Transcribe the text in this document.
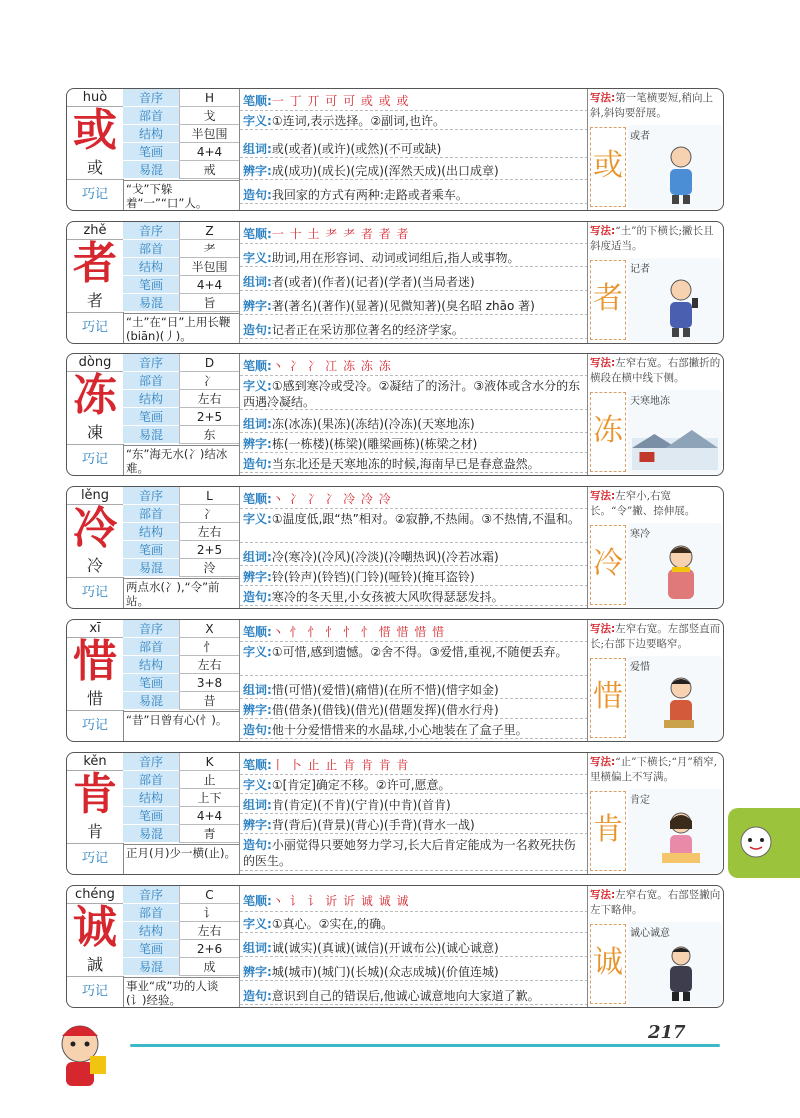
huò
或
或
巧记
音序	H
部首	戈
结构	半包围
笔画	4+4
易混	戒
“戈”下躲着“一”“口”人。
笔顺:一 丁 丌 可 可 或 或 或
字义:①连词,表示选择。②副词,也许。
组词:或(或者)(或许)(或然)(不可或缺)
辨字:成(成功)(成长)(完成)(浑然天成)(出口成章)
造句:我回家的方式有两种:走路或者乘车。
写法:第一笔横要短,稍向上斜,斜钩要舒展。
或
或者
zhě
者
者
巧记
音序	Z
部首	耂
结构	半包围
笔画	4+4
易混	旨
“土”在“日”上用长鞭(biān)(丿)。
笔顺:一 十 土 耂 耂 者 者 者
字义:助词,用在形容词、动词或词组后,指人或事物。
组词:者(或者)(作者)(记者)(学者)(当局者迷)
辨字:著(著名)(著作)(显著)(见微知著)(臭名昭 zhāo 著)
造句:记者正在采访那位著名的经济学家。
写法:“土”的下横长;撇长且斜度适当。
者
记者
dòng
冻
凍
巧记
音序	D
部首	冫
结构	左右
笔画	2+5
易混	东
“东”海无水(冫)结冰难。
笔顺:丶 冫 冫 冮 冻 冻 冻
字义:①感到寒冷或受冷。②凝结了的汤汁。③液体或含水分的东西遇冷凝结。
组词:冻(冰冻)(果冻)(冻结)(冷冻)(天寒地冻)
辨字:栋(一栋楼)(栋梁)(雕梁画栋)(栋梁之材)
造句:当东北还是天寒地冻的时候,海南早已是春意盎然。
写法:左窄右宽。右部撇折的横段在横中线下侧。
冻
天寒地冻
lěng
冷
冷
巧记
音序	L
部首	冫
结构	左右
笔画	2+5
易混	泠
两点水(冫),“令”前站。
笔顺:丶 冫 冫 冫 冷 冷 冷
字义:①温度低,跟“热”相对。②寂静,不热闹。③不热情,不温和。
组词:冷(寒冷)(冷风)(冷淡)(冷嘲热讽)(冷若冰霜)
辨字:铃(铃声)(铃铛)(门铃)(哑铃)(掩耳盗铃)
造句:寒冷的冬天里,小女孩被大风吹得瑟瑟发抖。
写法:左窄小,右宽长。“令”撇、捺伸展。
冷
寒冷
xī
惜
惜
巧记
音序	X
部首	忄
结构	左右
笔画	3+8
易混	昔
“昔”日曾有心(忄)。
笔顺:丶 忄 忄 忄 忄 忄 惜 惜 惜 惜
字义:①可惜,感到遗憾。②舍不得。③爱惜,重视,不随便丢弃。
组词:惜(可惜)(爱惜)(痛惜)(在所不惜)(惜字如金)
辨字:借(借条)(借钱)(借光)(借题发挥)(借水行舟)
造句:他十分爱惜惜来的水晶球,小心地装在了盒子里。
写法:左窄右宽。左部竖直而长;右部下边要略窄。
惜
爱惜
kěn
肯
肯
巧记
音序	K
部首	止
结构	上下
笔画	4+4
易混	青
正月(月)少一横(止)。
笔顺:丨 卜 止 止 肯 肯 肯 肯
字义:①[肯定]确定不移。②许可,愿意。
组词:肯(肯定)(不肯)(宁肯)(中肯)(首肯)
辨字:背(背后)(背景)(背心)(手背)(背水一战)
造句:小丽觉得只要她努力学习,长大后肯定能成为一名救死扶伤的医生。
写法:“止”下横长;“月”稍窄,里横偏上不写满。
肯
肯定
chéng
诚
誠
巧记
音序	C
部首	讠
结构	左右
笔画	2+6
易混	成
事业“成”功的人谈(讠)经验。
笔顺:丶 讠 讠 䜣 䜣 诚 诚 诚
字义:①真心。②实在,的确。
组词:诚(诚实)(真诚)(诚信)(开诚布公)(诚心诚意)
辨字:城(城市)(城门)(长城)(众志成城)(价值连城)
造句:意识到自己的错误后,他诚心诚意地向大家道了歉。
写法:左窄右宽。右部竖撇向左下略伸。
诚
诚心诚意
217
